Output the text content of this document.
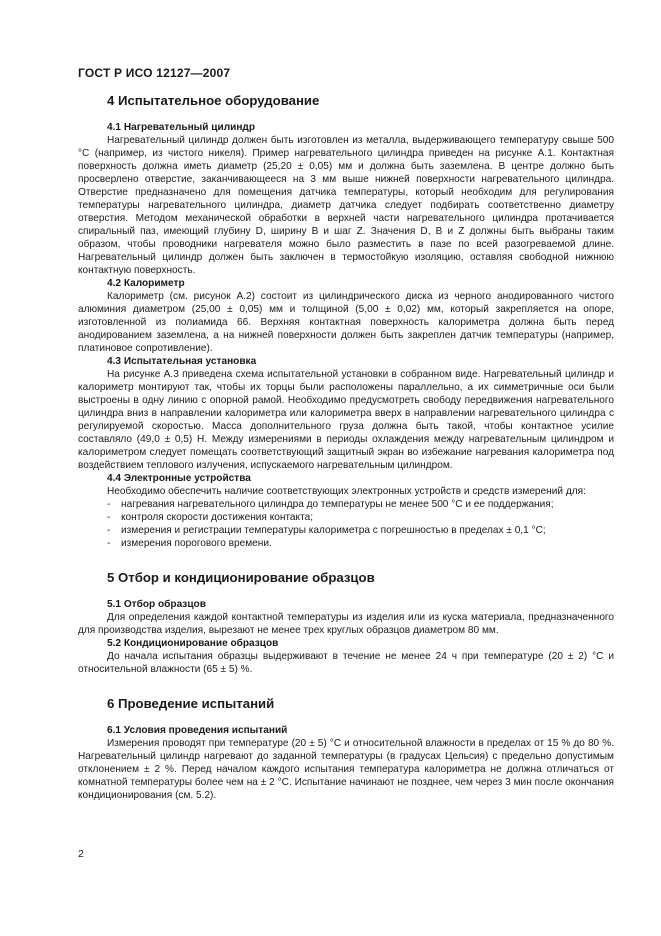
ГОСТ Р ИСО 12127—2007
4 Испытательное оборудование
4.1 Нагревательный цилиндр

Нагревательный цилиндр должен быть изготовлен из металла, выдерживающего температуру свыше 500 °С (например, из чистого никеля). Пример нагревательного цилиндра приведен на рисунке А.1. Контактная поверхность должна иметь диаметр (25,20 ± 0,05) мм и должна быть заземлена. В центре должно быть просверлено отверстие, заканчивающееся на 3 мм выше нижней поверхности нагревательного цилиндра. Отверстие предназначено для помещения датчика температуры, который необходим для регулирования температуры нагревательного цилиндра, диаметр датчика следует подбирать соответственно диаметру отверстия. Методом механической обработки в верхней части нагревательного цилиндра протачивается спиральный паз, имеющий глубину D, ширину B и шаг Z. Значения D, B и Z должны быть выбраны таким образом, чтобы проводники нагревателя можно было разместить в пазе по всей разогреваемой длине. Нагревательный цилиндр должен быть заключен в термостойкую изоляцию, оставляя свободной нижнюю контактную поверхность.

4.2 Калориметр

Калориметр (см. рисунок А.2) состоит из цилиндрического диска из черного анодированного чистого алюминия диаметром (25,00 ± 0,05) мм и толщиной (5,00 ± 0,02) мм, который закрепляется на опоре, изготовленной из полиамида 66. Верхняя контактная поверхность калориметра должна быть перед анодированием заземлена, а на нижней поверхности должен быть закреплен датчик температуры (например, платиновое сопротивление).

4.3 Испытательная установка

На рисунке А.3 приведена схема испытательной установки в собранном виде. Нагревательный цилиндр и калориметр монтируют так, чтобы их торцы были расположены параллельно, а их симметричные оси были выстроены в одну линию с опорной рамой. Необходимо предусмотреть свободу передвижения нагревательного цилиндра вниз в направлении калориметра или калориметра вверх в направлении нагревательного цилиндра с регулируемой скоростью. Масса дополнительного груза должна быть такой, чтобы контактное усилие составляло (49,0 ± 0,5) Н. Между измерениями в периоды охлаждения между нагревательным цилиндром и калориметром следует помещать соответствующий защитный экран во избежание нагревания калориметра под воздействием теплового излучения, испускаемого нагревательным цилиндром.

4.4 Электронные устройства

Необходимо обеспечить наличие соответствующих электронных устройств и средств измерений для:

- нагревания нагревательного цилиндра до температуры не менее 500 °С и ее поддержания;
- контроля скорости достижения контакта;
- измерения и регистрации температуры калориметра с погрешностью в пределах ± 0,1 °С;
- измерения порогового времени.
5 Отбор и кондиционирование образцов
5.1 Отбор образцов

Для определения каждой контактной температуры из изделия или из куска материала, предназначенного для производства изделия, вырезают не менее трех круглых образцов диаметром 80 мм.

5.2 Кондиционирование образцов

До начала испытания образцы выдерживают в течение не менее 24 ч при температуре (20 ± 2) °С и относительной влажности (65 ± 5) %.

6 Проведение испытаний
6.1 Условия проведения испытаний

Измерения проводят при температуре (20 ± 5) °С и относительной влажности в пределах от 15 % до 80 %. Нагревательный цилиндр нагревают до заданной температуры (в градусах Цельсия) с предельно допустимым отклонением ± 2 %. Перед началом каждого испытания температура калориметра не должна отличаться от комнатной температуры более чем на ± 2 °С. Испытание начинают не позднее, чем через 3 мин после окончания кондиционирования (см. 5.2).

2
